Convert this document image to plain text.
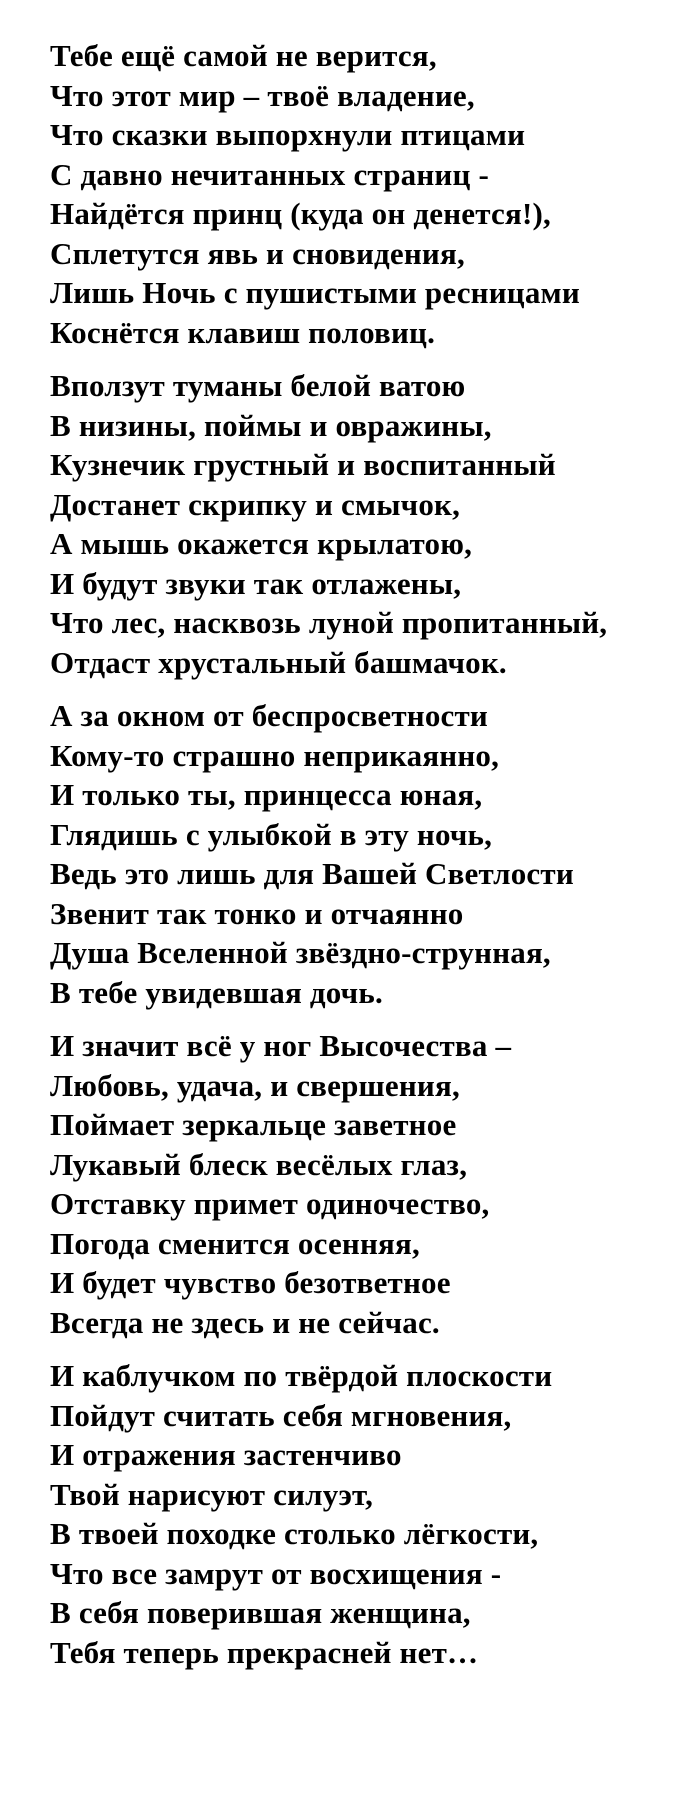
Тебе ещё самой не верится,
Что этот мир – твоё владение,
Что сказки выпорхнули птицами
С давно нечитанных страниц -
Найдётся принц (куда он денется!),
Сплетутся явь и сновидения,
Лишь Ночь с пушистыми ресницами
Коснётся клавиш половиц.
Вползут туманы белой ватою
В низины, поймы и овражины,
Кузнечик грустный и воспитанный
Достанет скрипку и смычок,
А мышь окажется крылатою,
И будут звуки так отлажены,
Что лес, насквозь луной пропитанный,
Отдаст хрустальный башмачок.
А за окном от беспросветности
Кому-то страшно неприкаянно,
И только ты, принцесса юная,
Глядишь с улыбкой в эту ночь,
Ведь это лишь для Вашей Светлости
Звенит так тонко и отчаянно
Душа Вселенной звёздно-струнная,
В тебе увидевшая дочь.
И значит всё у ног Высочества –
Любовь, удача, и свершения,
Поймает зеркальце заветное
Лукавый блеск весёлых глаз,
Отставку примет одиночество,
Погода сменится осенняя,
И будет чувство безответное
Всегда не здесь и не сейчас.
И каблучком по твёрдой плоскости
Пойдут считать себя мгновения,
И отражения застенчиво
Твой нарисуют силуэт,
В твоей походке столько лёгкости,
Что все замрут от восхищения -
В себя поверившая женщина,
Тебя теперь прекрасней нет…
